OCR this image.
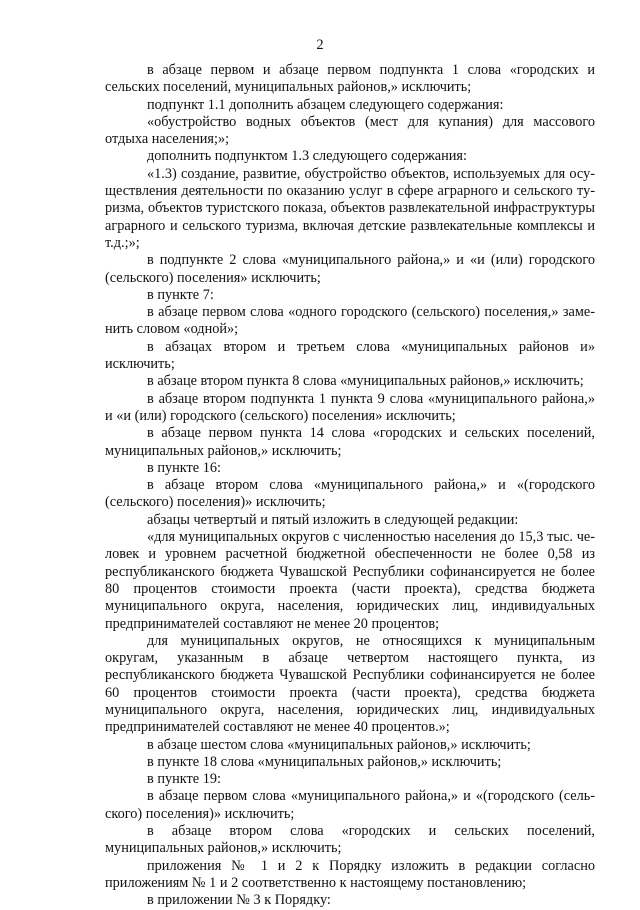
2

в абзаце первом и абзаце первом подпункта 1 слова «городских и сельских поселений, муниципальных районов,» исключить;

подпункт 1.1 дополнить абзацем следующего содержания:

«обустройство водных объектов (мест для купания) для массового отдыха населения;»;

дополнить подпунктом 1.3 следующего содержания:

«1.3) создание, развитие, обустройство объектов, используемых для осуществления деятельности по оказанию услуг в сфере аграрного и сельского туризма, объектов туристского показа, объектов развлекательной инфраструктуры аграрного и сельского туризма, включая детские развлекательные комплексы и т.д.;»;

в подпункте 2 слова «муниципального района,» и «и (или) городского (сельского) поселения» исключить;

в пункте 7:

в абзаце первом слова «одного городского (сельского) поселения,» заменить словом «одной»;

в абзацах втором и третьем слова «муниципальных районов и» исключить;

в абзаце втором пункта 8 слова «муниципальных районов,» исключить;

в абзаце втором подпункта 1 пункта 9 слова «муниципального района,» и «и (или) городского (сельского) поселения» исключить;

в абзаце первом пункта 14 слова «городских и сельских поселений, муниципальных районов,» исключить;

в пункте 16:

в абзаце втором слова «муниципального района,» и «(городского (сельского) поселения)» исключить;

абзацы четвертый и пятый изложить в следующей редакции:

«для муниципальных округов с численностью населения до 15,3 тыс. человек и уровнем расчетной бюджетной обеспеченности не более 0,58 из республиканского бюджета Чувашской Республики софинансируется не более 80 процентов стоимости проекта (части проекта), средства бюджета муниципального округа, населения, юридических лиц, индивидуальных предпринимателей составляют не менее 20 процентов;

для муниципальных округов, не относящихся к муниципальным округам, указанным в абзаце четвертом настоящего пункта, из республиканского бюджета Чувашской Республики софинансируется не более 60 процентов стоимости проекта (части проекта), средства бюджета муниципального округа, населения, юридических лиц, индивидуальных предпринимателей составляют не менее 40 процентов.»;

в абзаце шестом слова «муниципальных районов,» исключить;

в пункте 18 слова «муниципальных районов,» исключить;

в пункте 19:

в абзаце первом слова «муниципального района,» и «(городского (сельского) поселения)» исключить;

в абзаце втором слова «городских и сельских поселений, муниципальных районов,» исключить;

приложения № 1 и 2 к Порядку изложить в редакции согласно приложениям № 1 и 2 соответственно к настоящему постановлению;

в приложении № 3 к Порядку:
